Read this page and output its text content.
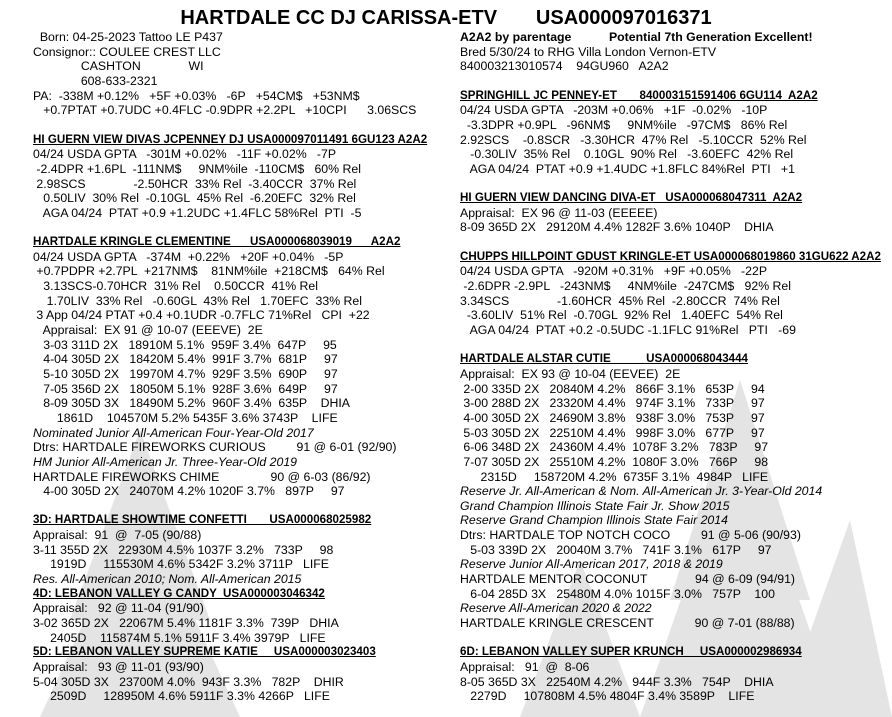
HARTDALE CC DJ CARISSA-ETV       USA000097016371
Born: 04-25-2023 Tattoo LE P437
Consignor:: COULEE CREST LLC
CASHTON              WI
608-633-2321
PA:  -338M +0.12%   +5F +0.03%   -6P   +54CM$   +53NM$
+0.7PTAT +0.7UDC +0.4FLC -0.9DPR +2.2PL   +10CPI      3.06SCS
HI GUERN VIEW DIVAS JCPENNEY DJ USA000097011491 6GU123 A2A2
04/24 USDA GPTA   -301M +0.02%   -11F +0.02%   -7P
-2.4DPR +1.6PL  -111NM$     9NM%ile  -110CM$   60% Rel
2.98SCS              -2.50HCR  33% Rel  -3.40CCR  37% Rel
0.50LIV  30% Rel  -0.10GL  45% Rel  -6.20EFC  32% Rel
AGA 04/24  PTAT +0.9 +1.2UDC +1.4FLC 58%Rel  PTI  -5
HARTDALE KRINGLE CLEMENTINE      USA000068039019      A2A2
04/24 USDA GPTA   -374M  +0.22%   +20F +0.04%   -5P
+0.7PDPR +2.7PL  +217NM$    81NM%ile  +218CM$   64% Rel
3.13SCS-0.70HCR  31% Rel    0.50CCR  41% Rel
1.70LIV  33% Rel   -0.60GL  43% Rel   1.70EFC  33% Rel
3 App 04/24 PTAT +0.4 +0.1UDR -0.7FLC 71%Rel   CPI  +22
Appraisal:  EX 91 @ 10-07 (EEEVE)  2E
3-03 311D 2X   18910M 5.1%  959F 3.4%  647P     95
4-04 305D 2X   18420M 5.4%  991F 3.7%  681P     97
5-10 305D 2X   19970M 4.7%  929F 3.5%  690P     97
7-05 356D 2X   18050M 5.1%  928F 3.6%  649P     97
8-09 305D 3X   18490M 5.2%  960F 3.4%  635P    DHIA
1861D    104570M 5.2% 5435F 3.6% 3743P    LIFE
Nominated Junior All-American Four-Year-Old 2017
Dtrs: HARTDALE FIREWORKS CURIOUS         91 @ 6-01 (92/90)
HM Junior All-American Jr. Three-Year-Old 2019
HARTDALE FIREWORKS CHIME               90 @ 6-03 (86/92)
4-00 305D 2X   24070M 4.2% 1020F 3.7%   897P     97
3D: HARTDALE SHOWTIME CONFETTI       USA000068025982
Appraisal:  91  @  7-05 (90/88)
3-11 355D 2X   22930M 4.5% 1037F 3.2%   733P     98
1919D     115530M 4.6% 5342F 3.2% 3711P   LIFE
Res. All-American 2010; Nom. All-American 2015
4D: LEBANON VALLEY G CANDY  USA000003046342
Appraisal:   92 @ 11-04 (91/90)
3-02 365D 2X   22067M 5.4% 1181F 3.3%  739P   DHIA
2405D    115874M 5.1% 5911F 3.4% 3979P   LIFE
5D: LEBANON VALLEY SUPREME KATIE     USA000003023403
Appraisal:   93 @ 11-01 (93/90)
5-04 305D 3X   23700M 4.0%  943F 3.3%   782P    DHIR
2509D     128950M 4.6% 5911F 3.3% 4266P   LIFE
A2A2 by parentage           Potential 7th Generation Excellent!
Bred 5/30/24 to RHG Villa London Vernon-ETV
840003213010574    94GU960   A2A2
SPRINGHILL JC PENNEY-ET       840003151591406 6GU114  A2A2
04/24 USDA GPTA   -203M +0.06%   +1F  -0.02%   -10P
-3.3DPR +0.9PL   -96NM$     9NM%ile   -97CM$   86% Rel
2.92SCS    -0.8SCR   -3.30HCR  47% Rel   -5.10CCR  52% Rel
-0.30LIV  35% Rel    0.10GL  90% Rel   -3.60EFC  42% Rel
AGA 04/24  PTAT +0.9 +1.4UDC +1.8FLC 84%Rel  PTI   +1
HI GUERN VIEW DANCING DIVA-ET   USA000068047311  A2A2
Appraisal:  EX 96 @ 11-03 (EEEEE)
8-09 365D 2X   29120M 4.4% 1282F 3.6% 1040P    DHIA
CHUPPS HILLPOINT GDUST KRINGLE-ET USA000068019860 31GU622 A2A2
04/24 USDA GPTA   -920M +0.31%   +9F +0.05%   -22P
-2.6DPR -2.9PL   -243NM$     4NM%ile  -247CM$   92% Rel
3.34SCS              -1.60HCR  45% Rel  -2.80CCR  74% Rel
-3.60LIV  51% Rel  -0.70GL  92% Rel   1.40EFC  54% Rel
AGA 04/24  PTAT +0.2 -0.5UDC -1.1FLC 91%Rel   PTI   -69
HARTDALE ALSTAR CUTIE           USA000068043444
Appraisal:  EX 93 @ 10-04 (EEVEE)  2E
2-00 335D 2X   20840M 4.2%   866F 3.1%   653P     94
3-00 288D 2X   23320M 4.4%   974F 3.1%   733P     97
4-00 305D 2X   24690M 3.8%   938F 3.0%   753P     97
5-03 305D 2X   22510M 4.4%   998F 3.0%   677P     97
6-06 348D 2X   24360M 4.4%  1078F 3.2%   783P     97
7-07 305D 2X   25510M 4.2%  1080F 3.0%   766P     98
2315D     158720M 4.2%  6735F 3.1%  4984P   LIFE
Reserve Jr. All-American & Nom. All-American Jr. 3-Year-Old 2014
Grand Champion Illinois State Fair Jr. Show 2015
Reserve Grand Champion Illinois State Fair 2014
Dtrs: HARTDALE TOP NOTCH COCO         91 @ 5-06 (90/93)
5-03 339D 2X   20040M 3.7%   741F 3.1%   617P     97
Reserve Junior All-American 2017, 2018 & 2019
HARTDALE MENTOR COCONUT              94 @ 6-09 (94/91)
6-04 285D 3X   25480M 4.0% 1015F 3.0%   757P    100
Reserve All-American 2020 & 2022
HARTDALE KRINGLE CRESCENT            90 @ 7-01 (88/88)
6D: LEBANON VALLEY SUPER KRUNCH     USA000002986934
Appraisal:   91  @  8-06
8-05 365D 3X   22540M 4.2%   944F 3.3%   754P    DHIA
2279D     107808M 4.5% 4804F 3.4% 3589P    LIFE
